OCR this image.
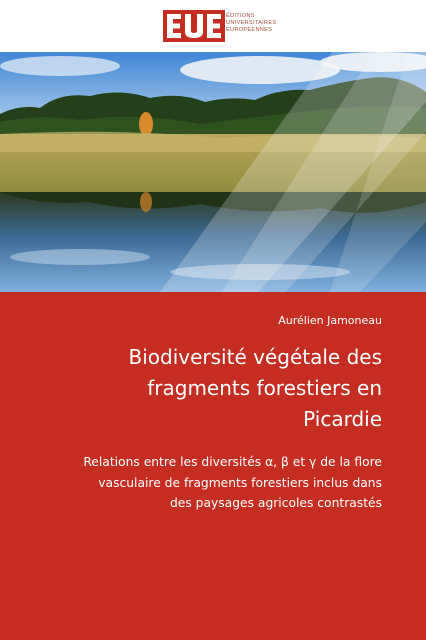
ÉDITIONS
UNIVERSITAIRES
EUROPÉENNES
Aurélien Jamoneau
Biodiversité végétale des
fragments forestiers en
Picardie
Relations entre les diversités α, β et γ de la flore
vasculaire de fragments forestiers inclus dans
des paysages agricoles contrastés
